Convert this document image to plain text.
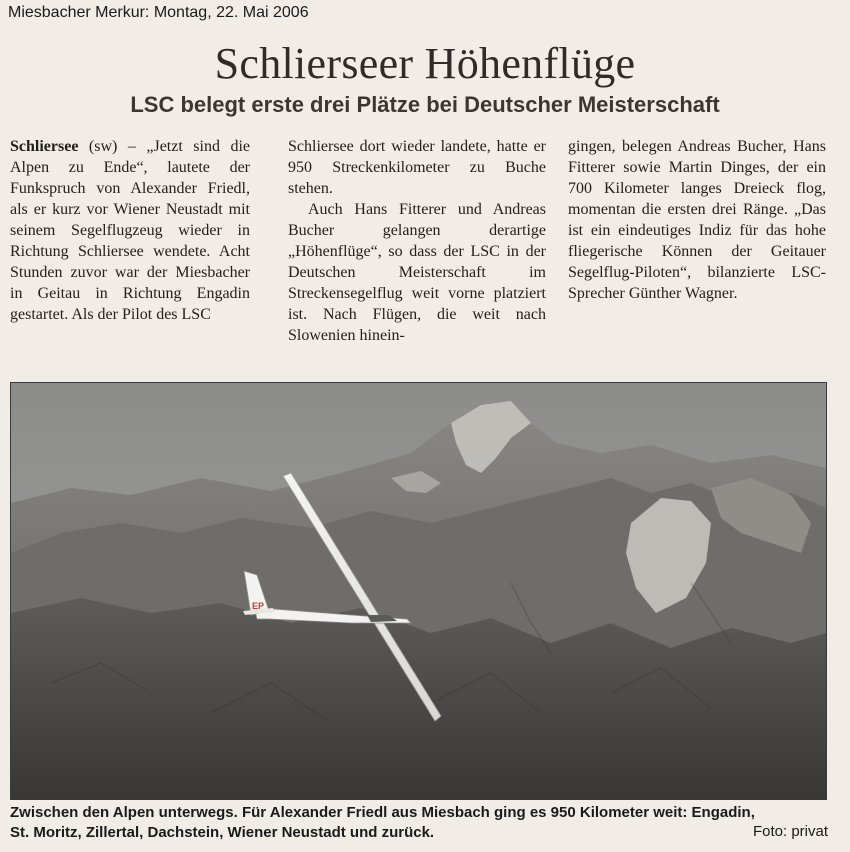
Miesbacher Merkur: Montag, 22. Mai 2006
Schlierseer Höhenflüge
LSC belegt erste drei Plätze bei Deutscher Meisterschaft

Schliersee (sw) – „Jetzt sind die Alpen zu Ende“, lautete der Funkspruch von Alexander Friedl, als er kurz vor Wiener Neustadt mit seinem Segelflugzeug wieder in Richtung Schliersee wendete. Acht Stunden zuvor war der Miesbacher in Geitau in Richtung Engadin gestartet. Als der Pilot des LSC

Schliersee dort wieder landete, hatte er 950 Streckenkilometer zu Buche stehen.

Auch Hans Fitterer und Andreas Bucher gelangen derartige „Höhenflüge“, so dass der LSC in der Deutschen Meisterschaft im Streckensegelflug weit vorne platziert ist. Nach Flügen, die weit nach Slowenien hinein-

gingen, belegen Andreas Bucher, Hans Fitterer sowie Martin Dinges, der ein 700 Kilometer langes Dreieck flog, momentan die ersten drei Ränge. „Das ist ein eindeutiges Indiz für das hohe fliegerische Können der Geitauer Segelflug-Piloten“, bilanzierte LSC-Sprecher Günther Wagner.

EP
Zwischen den Alpen unterwegs. Für Alexander Friedl aus Miesbach ging es 950 Kilometer weit: Engadin,
St. Moritz, Zillertal, Dachstein, Wiener Neustadt und zurück.	Foto: privat
